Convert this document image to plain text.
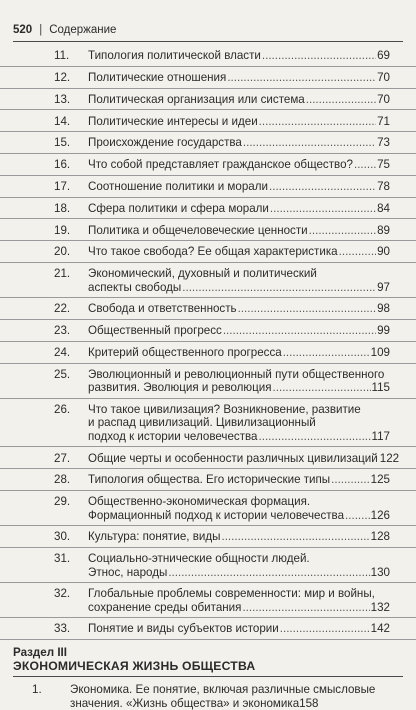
520 | Содержание
11.	Типология политической власти .....	69
12.	Политические отношения .....	70
13.	Политическая организация или система .....	70
14.	Политические интересы и идеи .....	71
15.	Происхождение государства .....	73
16.	Что собой представляет гражданское общество? ..... 75
17.	Соотношение политики и морали .....	78
18.	Сфера политики и сфера морали .....	84
19.	Политика и общечеловеческие ценности .....	89
20.	Что такое свобода? Ее общая характеристика .....	90
21.	Экономический, духовный и политический
аспекты свободы .....	97
22.	Свобода и ответственность .....	98
23.	Общественный прогресс .....	99
24.	Критерий общественного прогресса .....	109
25.	Эволюционный и революционный пути общественного
развития. Эволюция и революция .....	115
26.	Что такое цивилизация? Возникновение, развитие
и распад цивилизаций. Цивилизационный
подход к истории человечества .....	117
27.	Общие черты и особенности различных цивилизаций 122
28.	Типология общества. Его исторические типы .....	125
29.	Общественно-экономическая формация.
Формационный подход к истории человечества ..... 126
30.	Культура: понятие, виды .....	128
31.	Социально-этнические общности людей.
Этнос, народы .....	130
32.	Глобальные проблемы современности: мир и войны,
сохранение среды обитания .....	132
33.	Понятие и виды субъектов истории .....	142
Раздел III
ЭКОНОМИЧЕСКАЯ ЖИЗНЬ ОБЩЕСТВА
1. Экономика. Ее понятие, включая различные смысловые
значения. «Жизнь общества» и экономика158
